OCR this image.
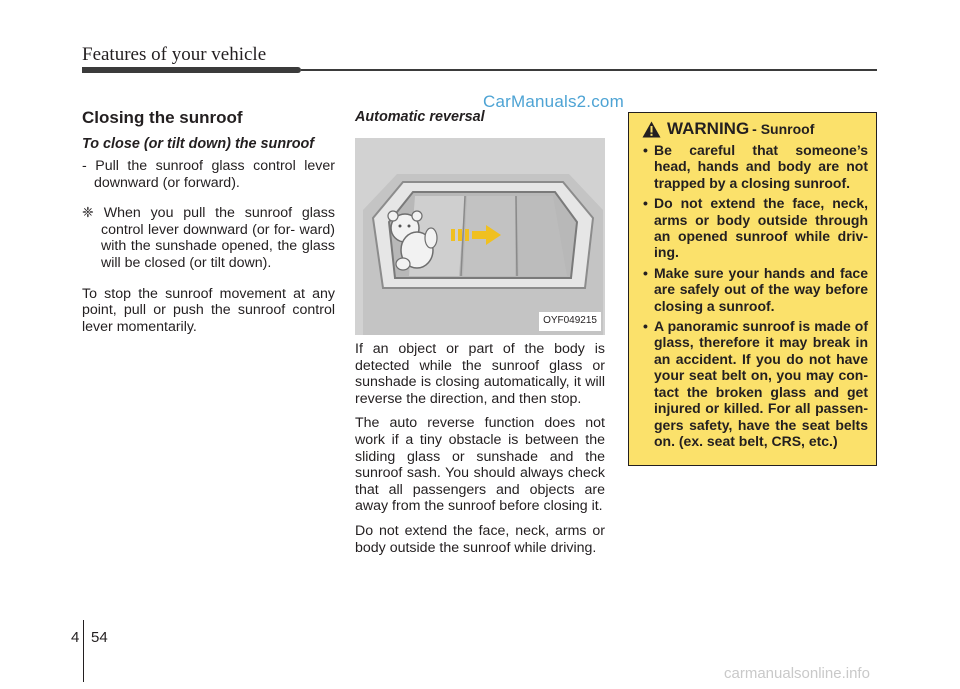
Features of your vehicle
CarManuals2.com
Closing the sunroof
To close (or tilt down) the sunroof

- Pull the sunroof glass control lever downward (or forward).

❈ When you pull the sunroof glass control lever downward (or for- ward) with the sunshade opened, the glass will be closed (or tilt down).

To stop the sunroof movement at any point, pull or push the sunroof control lever momentarily.

Automatic reversal
OYF049215

If an object or part of the body is detected while the sunroof glass or sunshade is closing automatically, it will reverse the direction, and then stop.

The auto reverse function does not work if a tiny obstacle is between the sliding glass or sunshade and the sunroof sash. You should always check that all passengers and objects are away from the sunroof before closing it.

Do not extend the face, neck, arms or body outside the sunroof while driving.

WARNING - Sunroof
• Be careful that someone’s head, hands and body are not trapped by a closing sunroof.
• Do not extend the face, neck, arms or body outside through an opened sunroof while driv- ing.
• Make sure your hands and face are safely out of the way before closing a sunroof.
• A panoramic sunroof is made of glass, therefore it may break in an accident. If you do not have your seat belt on, you may con- tact the broken glass and get injured or killed. For all passen- gers safety, have the seat belts on. (ex. seat belt, CRS, etc.)
4 54
carmanualsonline.info
